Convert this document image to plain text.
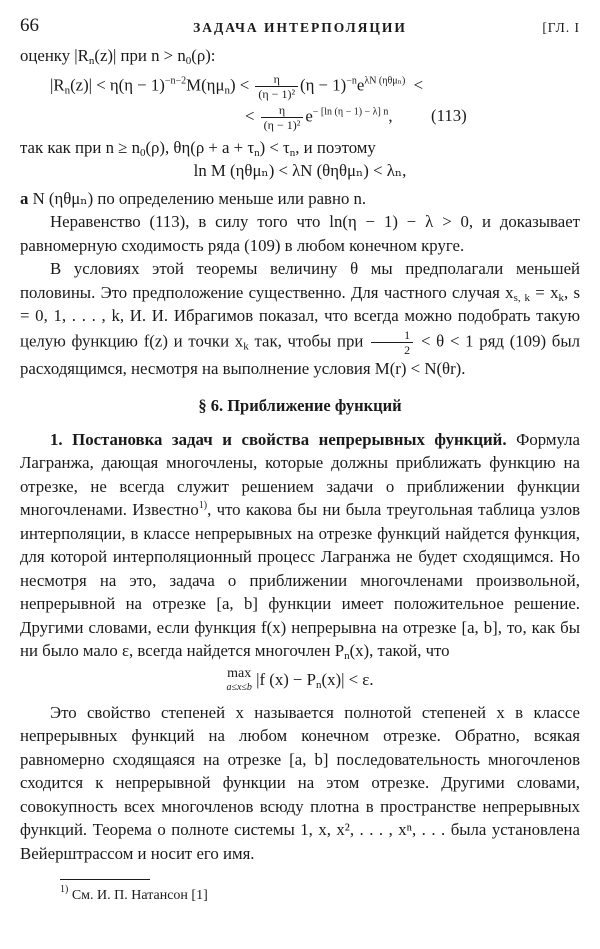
66	ЗАДАЧА ИНТЕРПОЛЯЦИИ	[ГЛ. I

оценку |Rn(z)| при n > n0(ρ):

$|Rn(z)| < \eta(\eta - 1)^{-n-2}M(\eta\mu n) < \frac{\eta}{\text{(η − 1)²}} (\eta - 1)^{-n}e^{\lambda N (\eta\theta\mu_n)}$ <

< $\frac{\eta}{\text{(η − 1)²}} e^{- [ln (\eta - 1) - \lambda] n}$, (113)

так как при n ≥ n0(ρ), θη(ρ + a + τn) < τn, и поэтому

ln M (ηθμₙ) < λN (θηθμₙ) < λₙ,

а N (ηθμₙ) по определению меньше или равно n.

Неравенство (113), в силу того что ln(η − 1) − λ > 0, и доказывает равномерную сходимость ряда (109) в любом конечном круге.

В условиях этой теоремы величину θ мы предполагали меньшей половины. Это предположение существенно. Для частного случая xs, k = xk, s = 0, 1, . . . , k, И. И. Ибрагимов показал, что всегда можно подобрать такую целую функцию f(z) и точки xk так, чтобы при $\frac{1}{2} < \theta < 1$ ряд (109) был расходящимся, несмотря на выполнение условия M(r) < N(θr).

§ 6. Приближение функций

1. Постановка задач и свойства непрерывных функций. Формула Лагранжа, дающая многочлены, которые должны приближать функцию на отрезке, не всегда служит решением задачи о приближении функции многочленами. Известно$^{1)}$, что какова бы ни была треугольная таблица узлов интерполяции, в классе непрерывных на отрезке функций найдется функция, для которой интерполяционный процесс Лагранжа не будет сходящимся. Но несмотря на это, задача о приближении многочленами произвольной, непрерывной на отрезке [a, b] функции имеет положительное решение. Другими словами, если функция f(x) непрерывна на отрезке [a, b], то, как бы ни было мало ε, всегда найдется многочлен Pn(x), такой, что

max
a≤x≤b |f (x) − Pn(x)| < ε.

Это свойство степеней x называется полнотой степеней x в классе непрерывных функций на любом конечном отрезке. Обратно, всякая равномерно сходящаяся на отрезке [a, b] последовательность многочленов сходится к непрерывной функции на этом отрезке. Другими словами, совокупность всех многочленов всюду плотна в пространстве непрерывных функций. Теорема о полноте системы 1, x, x², . . . , xⁿ, . . . была установлена Вейерштрассом и носит его имя.

$^{1)}$ См. И. П. Натансон [1]
